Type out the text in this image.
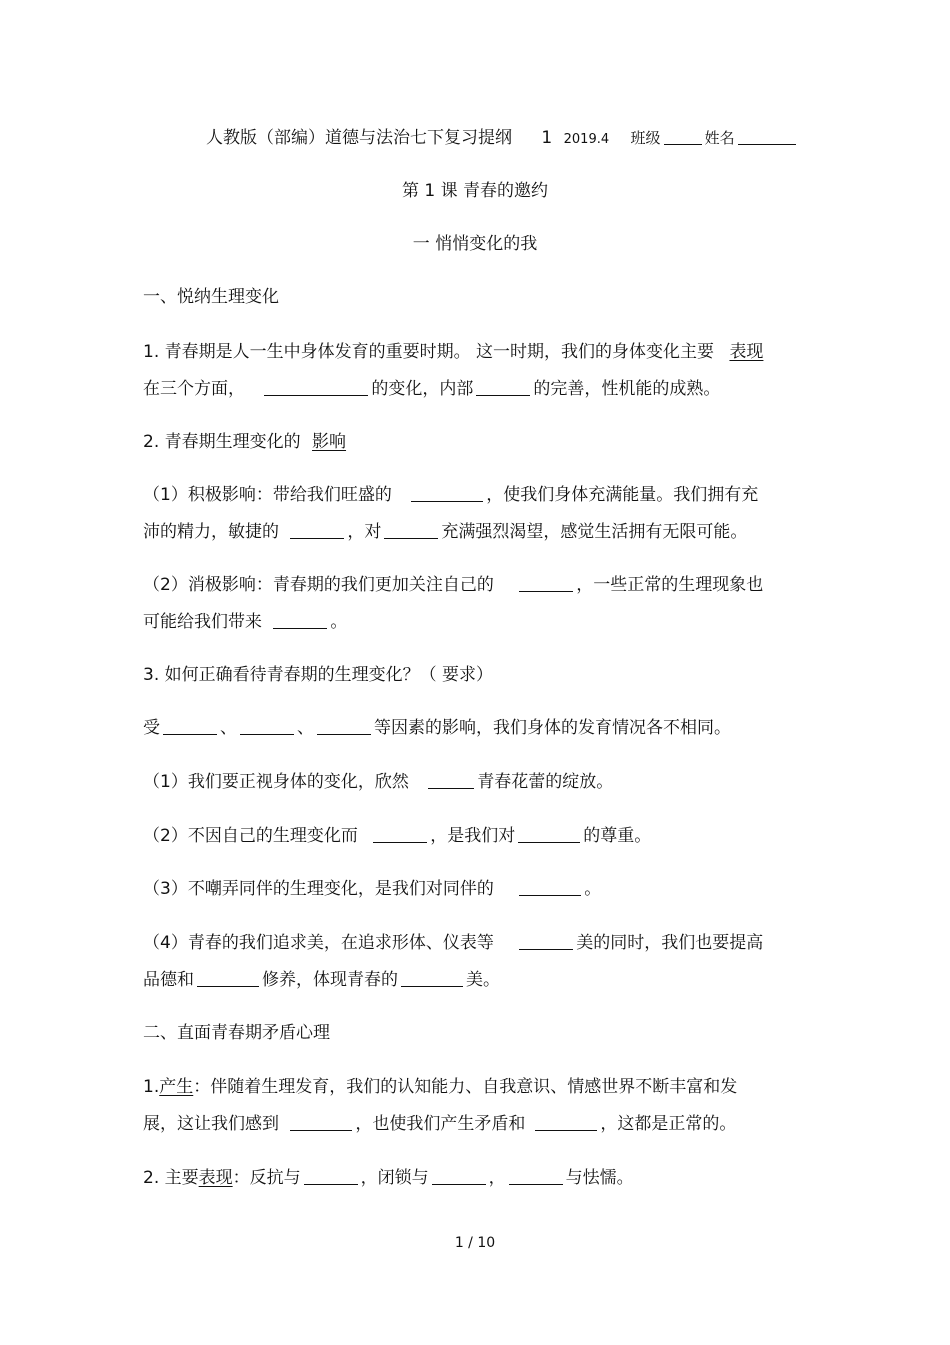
人教版（部编）道德与法治七下复习提纲 1 2019.4 班级	姓名
第 1 课 青春的邀约
一 悄悄变化的我
一、悦纳生理变化
1. 青春期是人一生中身体发育的重要时期。 这一时期，我们的身体变化主要 表现
在三个方面，	的变化，内部	的完善，性机能的成熟。
2. 青春期生理变化的 影响
（1）积极影响：带给我们旺盛的	，使我们身体充满能量。我们拥有充
沛的精力，敏捷的	，对	充满强烈渴望，感觉生活拥有无限可能。
（2）消极影响：青春期的我们更加关注自己的	，一些正常的生理现象也
可能给我们带来	。
3. 如何正确看待青春期的生理变化？（ 要求）
受	、	、	等因素的影响，我们身体的发育情况各不相同。
（1）我们要正视身体的变化，欣然	青春花蕾的绽放。
（2）不因自己的生理变化而	，是我们对	的尊重。
（3）不嘲弄同伴的生理变化，是我们对同伴的	。
（4）青春的我们追求美，在追求形体、仪表等	美的同时，我们也要提高
品德和	修养，体现青春的	美。
二、直面青春期矛盾心理
1.产生：伴随着生理发育，我们的认知能力、自我意识、情感世界不断丰富和发
展，这让我们感到	，也使我们产生矛盾和	，这都是正常的。
2. 主要表现：反抗与	，闭锁与	，	与怯懦。
1 / 10
